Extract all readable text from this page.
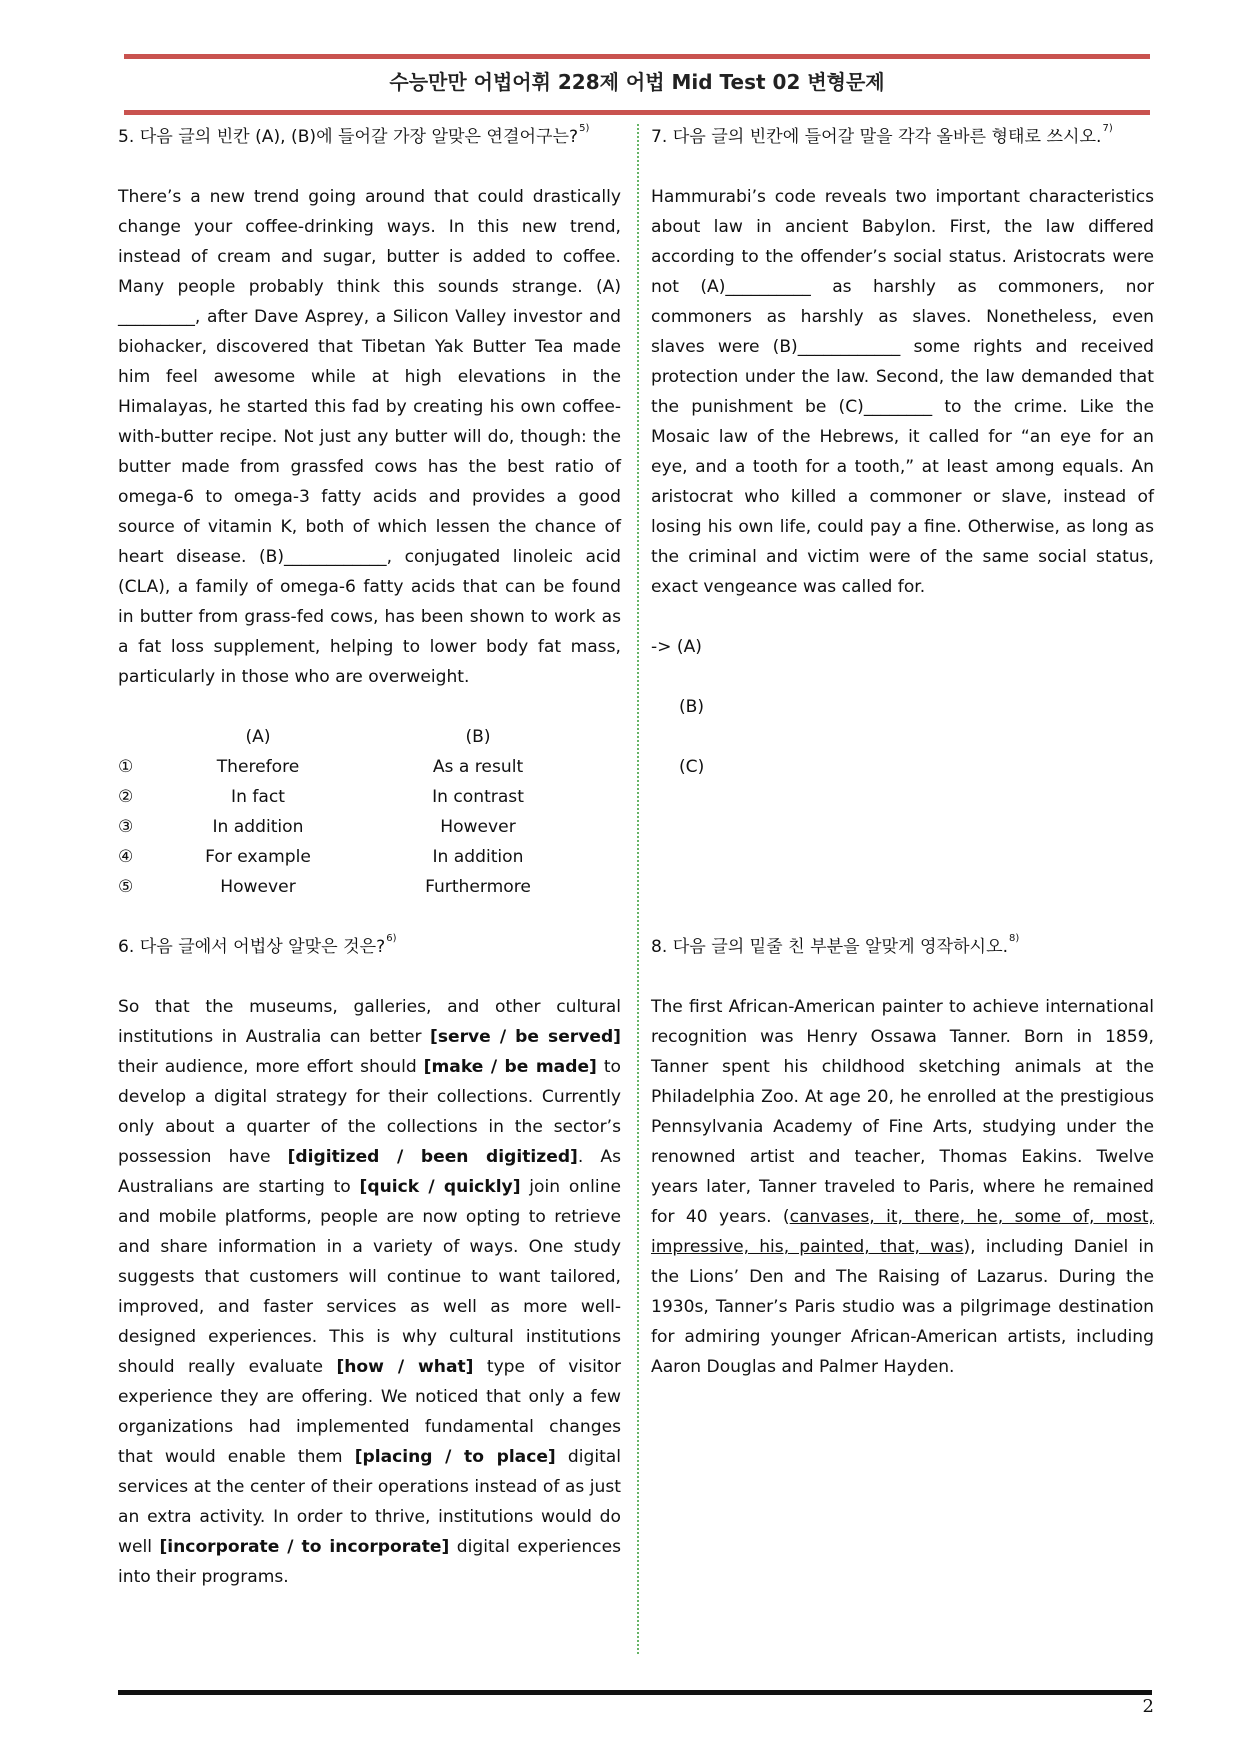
수능만만 어법어휘 228제 어법 Mid Test 02 변형문제

5. 다음 글의 빈칸 (A), (B)에 들어갈 가장 알맞은 연결어구는?$^{5)}$

There’s a new trend going around that could drastically change your coffee-drinking ways. In this new trend, instead of cream and sugar, butter is added to coffee. Many people probably think this sounds strange. (A) _________, after Dave Asprey, a Silicon Valley investor and biohacker, discovered that Tibetan Yak Butter Tea made him feel awesome while at high elevations in the Himalayas, he started this fad by creating his own coffee-with-butter recipe. Not just any butter will do, though: the butter made from grassfed cows has the best ratio of omega-6 to omega-3 fatty acids and provides a good source of vitamin K, both of which lessen the chance of heart disease. (B)____________, conjugated linoleic acid (CLA), a family of omega-6 fatty acids that can be found in butter from grass-fed cows, has been shown to work as a fat loss supplement, helping to lower body fat mass, particularly in those who are overweight.

	(A)	(B)
①	Therefore	As a result
②	In fact	In contrast
③	In addition	However
④	For example	In addition
⑤	However	Furthermore

6. 다음 글에서 어법상 알맞은 것은?$^{6)}$

So that the museums, galleries, and other cultural institutions in Australia can better [serve / be served] their audience, more effort should [make / be made] to develop a digital strategy for their collections. Currently only about a quarter of the collections in the sector’s possession have [digitized / been digitized]. As Australians are starting to [quick / quickly] join online and mobile platforms, people are now opting to retrieve and share information in a variety of ways. One study suggests that customers will continue to want tailored, improved, and faster services as well as more well-designed experiences. This is why cultural institutions should really evaluate [how / what] type of visitor experience they are offering. We noticed that only a few organizations had implemented fundamental changes that would enable them [placing / to place] digital services at the center of their operations instead of as just an extra activity. In order to thrive, institutions would do well [incorporate / to incorporate] digital experiences into their programs.

7. 다음 글의 빈칸에 들어갈 말을 각각 올바른 형태로 쓰시오.$^{7)}$

Hammurabi’s code reveals two important characteristics about law in ancient Babylon. First, the law differed according to the offender’s social status. Aristocrats were not (A)__________ as harshly as commoners, nor commoners as harshly as slaves. Nonetheless, even slaves were (B)____________ some rights and received protection under the law. Second, the law demanded that the punishment be (C)________ to the crime. Like the Mosaic law of the Hebrews, it called for “an eye for an eye, and a tooth for a tooth,” at least among equals. An aristocrat who killed a commoner or slave, instead of losing his own life, could pay a fine. Otherwise, as long as the criminal and victim were of the same social status, exact vengeance was called for.

-> (A)

(B)

(C)

8. 다음 글의 밑줄 친 부분을 알맞게 영작하시오.$^{8)}$

The first African-American painter to achieve international recognition was Henry Ossawa Tanner. Born in 1859, Tanner spent his childhood sketching animals at the Philadelphia Zoo. At age 20, he enrolled at the prestigious Pennsylvania Academy of Fine Arts, studying under the renowned artist and teacher, Thomas Eakins. Twelve years later, Tanner traveled to Paris, where he remained for 40 years. (canvases, it, there, he, some of, most, impressive, his, painted, that, was), including Daniel in the Lions’ Den and The Raising of Lazarus. During the 1930s, Tanner’s Paris studio was a pilgrimage destination for admiring younger African-American artists, including Aaron Douglas and Palmer Hayden.

2
